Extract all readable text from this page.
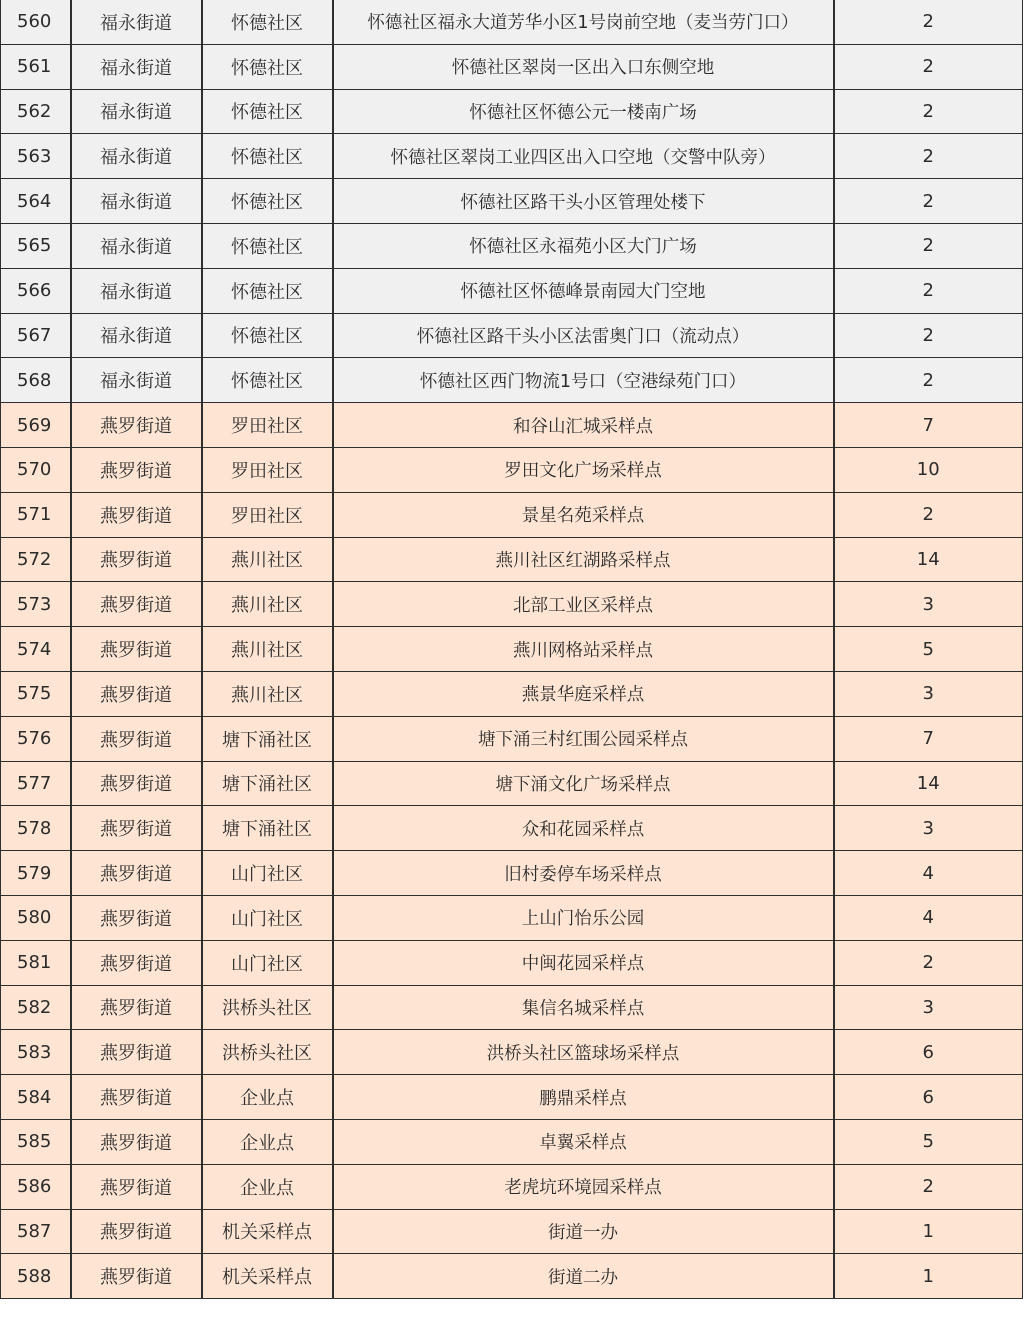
560	福永街道	怀德社区	怀德社区福永大道芳华小区1号岗前空地（麦当劳门口）	2
561	福永街道	怀德社区	怀德社区翠岗一区出入口东侧空地	2
562	福永街道	怀德社区	怀德社区怀德公元一楼南广场	2
563	福永街道	怀德社区	怀德社区翠岗工业四区出入口空地（交警中队旁）	2
564	福永街道	怀德社区	怀德社区路干头小区管理处楼下	2
565	福永街道	怀德社区	怀德社区永福苑小区大门广场	2
566	福永街道	怀德社区	怀德社区怀德峰景南园大门空地	2
567	福永街道	怀德社区	怀德社区路干头小区法雷奥门口（流动点）	2
568	福永街道	怀德社区	怀德社区西门物流1号口（空港绿苑门口）	2
569	燕罗街道	罗田社区	和谷山汇城采样点	7
570	燕罗街道	罗田社区	罗田文化广场采样点	10
571	燕罗街道	罗田社区	景星名苑采样点	2
572	燕罗街道	燕川社区	燕川社区红湖路采样点	14
573	燕罗街道	燕川社区	北部工业区采样点	3
574	燕罗街道	燕川社区	燕川网格站采样点	5
575	燕罗街道	燕川社区	燕景华庭采样点	3
576	燕罗街道	塘下涌社区	塘下涌三村红围公园采样点	7
577	燕罗街道	塘下涌社区	塘下涌文化广场采样点	14
578	燕罗街道	塘下涌社区	众和花园采样点	3
579	燕罗街道	山门社区	旧村委停车场采样点	4
580	燕罗街道	山门社区	上山门怡乐公园	4
581	燕罗街道	山门社区	中闽花园采样点	2
582	燕罗街道	洪桥头社区	集信名城采样点	3
583	燕罗街道	洪桥头社区	洪桥头社区篮球场采样点	6
584	燕罗街道	企业点	鹏鼎采样点	6
585	燕罗街道	企业点	卓翼采样点	5
586	燕罗街道	企业点	老虎坑环境园采样点	2
587	燕罗街道	机关采样点	街道一办	1
588	燕罗街道	机关采样点	街道二办	1
